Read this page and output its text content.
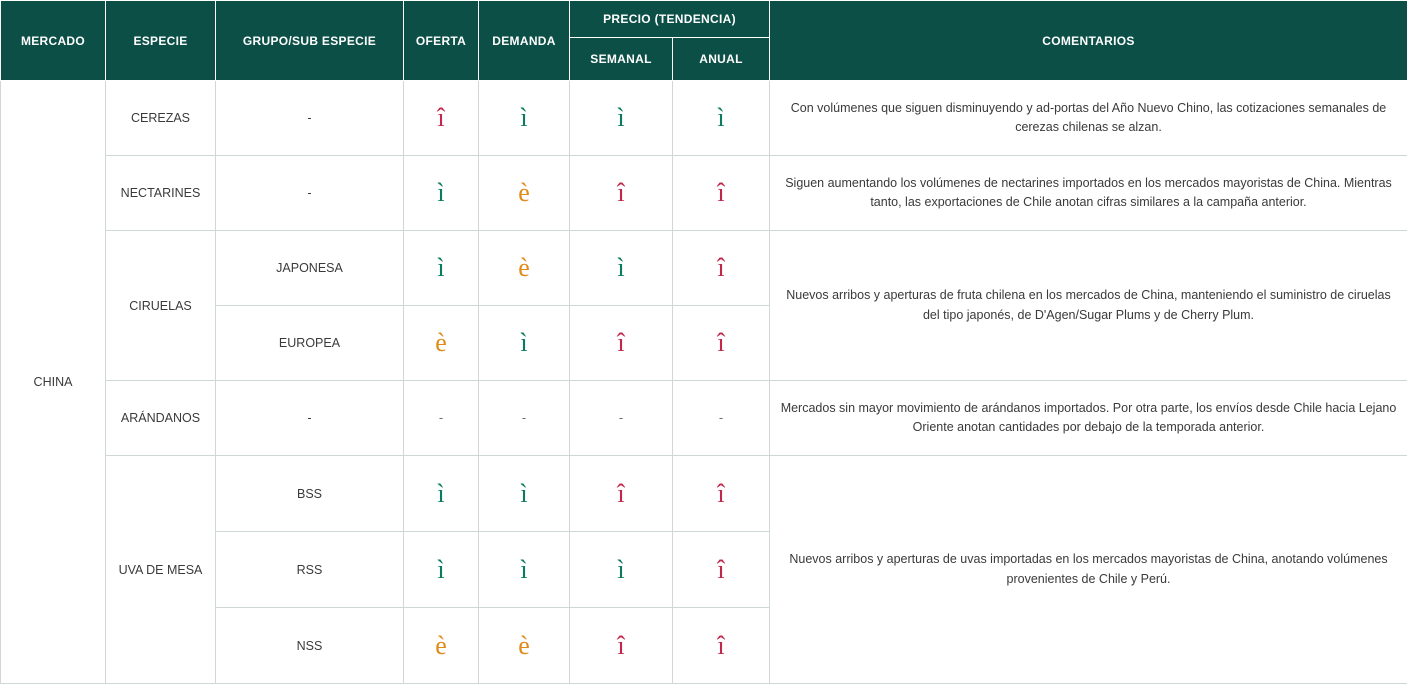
MERCADO	ESPECIE	GRUPO/SUB ESPECIE	OFERTA	DEMANDA	PRECIO (TENDENCIA)		COMENTARIOS
					SEMANAL	ANUAL	
CHINA	CEREZAS	-	î	ì	ì	ì	Con volúmenes que siguen disminuyendo y ad-portas del Año Nuevo Chino, las cotizaciones semanales de cerezas chilenas se alzan.
	NECTARINES	-	ì	è	î	î	Siguen aumentando los volúmenes de nectarines importados en los mercados mayoristas de China. Mientras tanto, las exportaciones de Chile anotan cifras similares a la campaña anterior.
	CIRUELAS	JAPONESA	ì	è	ì	î	Nuevos arribos y aperturas de fruta chilena en los mercados de China, manteniendo el suministro de ciruelas del tipo japonés, de D'Agen/Sugar Plums y de Cherry Plum.
		EUROPEA	è	ì	î	î	
	ARÁNDANOS	-	-	-	-	-	Mercados sin mayor movimiento de arándanos importados. Por otra parte, los envíos desde Chile hacia Lejano Oriente anotan cantidades por debajo de la temporada anterior.
	UVA DE MESA	BSS	ì	ì	î	î	Nuevos arribos y aperturas de uvas importadas en los mercados mayoristas de China, anotando volúmenes provenientes de Chile y Perú.
		RSS	ì	ì	ì	î	
		NSS	è	è	î	î	
